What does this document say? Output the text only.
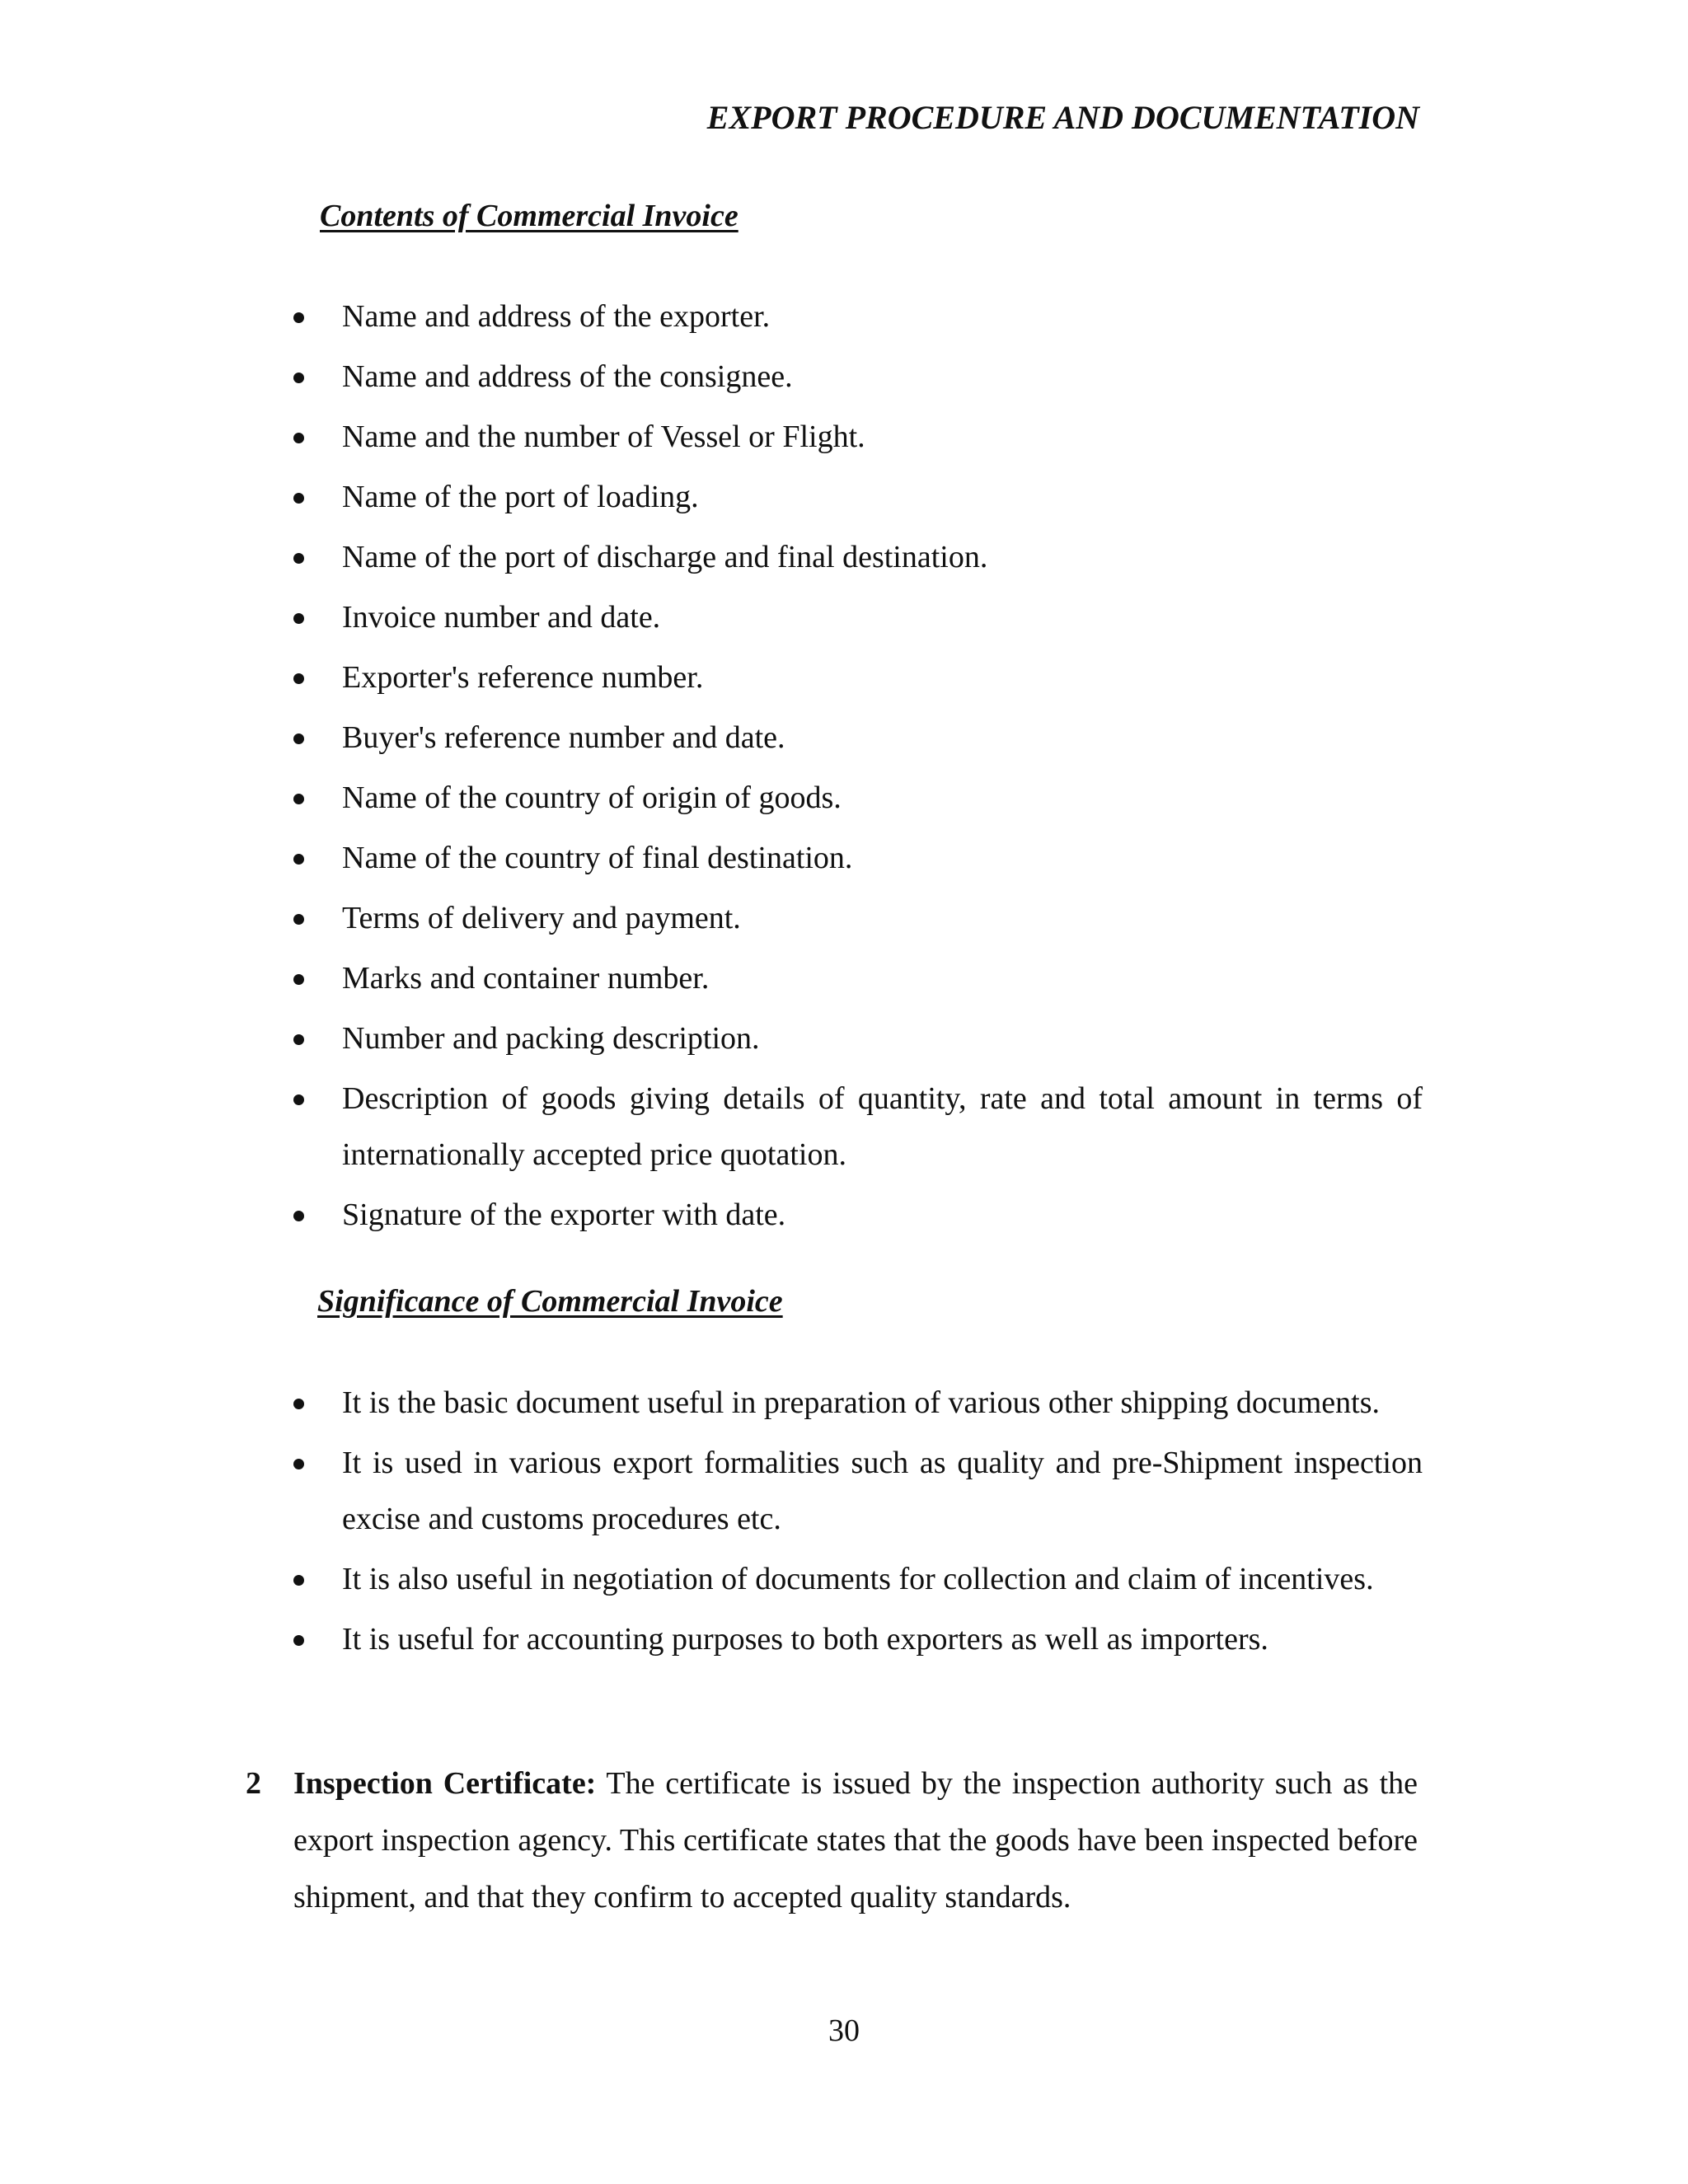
EXPORT PROCEDURE AND DOCUMENTATION
Contents of Commercial Invoice
Name and address of the exporter.
Name and address of the consignee.
Name and the number of Vessel or Flight.
Name of the port of loading.
Name of the port of discharge and final destination.
Invoice number and date.
Exporter's reference number.
Buyer's reference number and date.
Name of the country of origin of goods.
Name of the country of final destination.
Terms of delivery and payment.
Marks and container number.
Number and packing description.
Description of goods giving details of quantity, rate and total amount in terms of internationally accepted price quotation.
Signature of the exporter with date.
Significance of Commercial Invoice
It is the basic document useful in preparation of various other shipping documents.
It is used in various export formalities such as quality and pre-Shipment inspection excise and customs procedures etc.
It is also useful in negotiation of documents for collection and claim of incentives.
It is useful for accounting purposes to both exporters as well as importers.
2 Inspection Certificate: The certificate is issued by the inspection authority such as the export inspection agency. This certificate states that the goods have been inspected before shipment, and that they confirm to accepted quality standards.

30
